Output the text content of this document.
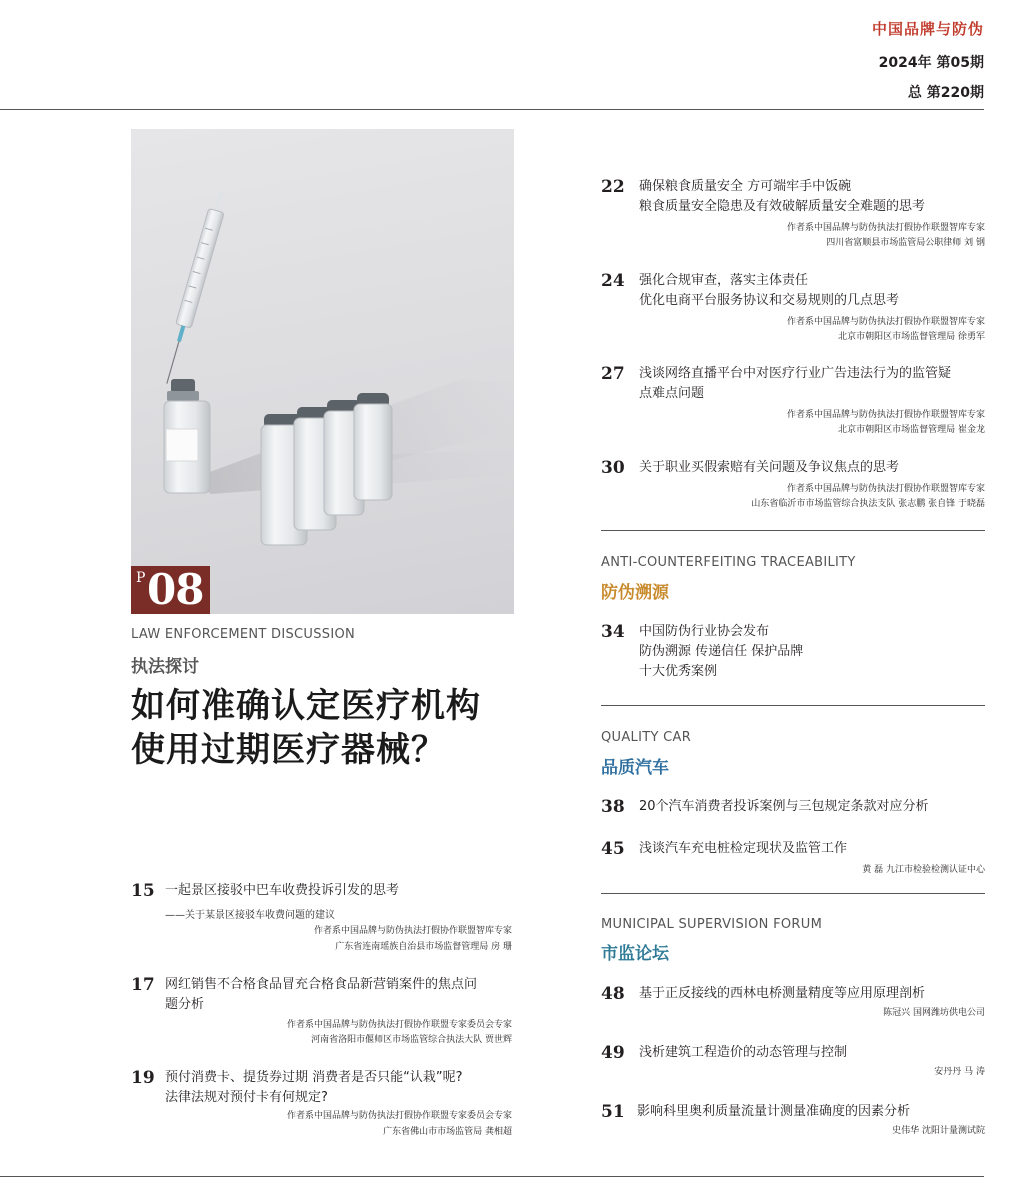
中国品牌与防伪
2024年 第05期
总 第220期
P 08
LAW ENFORCEMENT DISCUSSION
执法探讨
如何准确认定医疗机构
使用过期医疗器械？
15 一起景区接驳中巴车收费投诉引发的思考
——关于某景区接驳车收费问题的建议
作者系中国品牌与防伪执法打假协作联盟智库专家
广东省连南瑶族自治县市场监督管理局 房 珊
17 网红销售不合格食品冒充合格食品新营销案件的焦点问
题分析
作者系中国品牌与防伪执法打假协作联盟专家委员会专家
河南省洛阳市偃师区市场监管综合执法大队 贾世辉
19 预付消费卡、提货券过期 消费者是否只能“认栽”呢?
法律法规对预付卡有何规定?
作者系中国品牌与防伪执法打假协作联盟专家委员会专家
广东省佛山市市场监管局 龚相超
22 确保粮食质量安全 方可端牢手中饭碗
粮食质量安全隐患及有效破解质量安全难题的思考
作者系中国品牌与防伪执法打假协作联盟智库专家
四川省富顺县市场监管局公职律师 刘 钢
24 强化合规审查，落实主体责任
优化电商平台服务协议和交易规则的几点思考
作者系中国品牌与防伪执法打假协作联盟智库专家
北京市朝阳区市场监督管理局 徐勇军
27 浅谈网络直播平台中对医疗行业广告违法行为的监管疑
点难点问题
作者系中国品牌与防伪执法打假协作联盟智库专家
北京市朝阳区市场监督管理局 崔金龙
30 关于职业买假索赔有关问题及争议焦点的思考
作者系中国品牌与防伪执法打假协作联盟智库专家
山东省临沂市市场监管综合执法支队 张志鹏 张自锋 于晓磊
ANTI-COUNTERFEITING TRACEABILITY
防伪溯源
34 中国防伪行业协会发布
防伪溯源 传递信任 保护品牌
十大优秀案例
QUALITY CAR
品质汽车
38 20个汽车消费者投诉案例与三包规定条款对应分析
45 浅谈汽车充电桩检定现状及监管工作
黄 磊 九江市检验检测认证中心
MUNICIPAL SUPERVISION FORUM
市监论坛
48 基于正反接线的西林电桥测量精度等应用原理剖析
陈冠兴 国网潍坊供电公司
49 浅析建筑工程造价的动态管理与控制
安丹丹 马 涛
51 影响科里奥利质量流量计测量准确度的因素分析
史伟华 沈阳计量测试院
